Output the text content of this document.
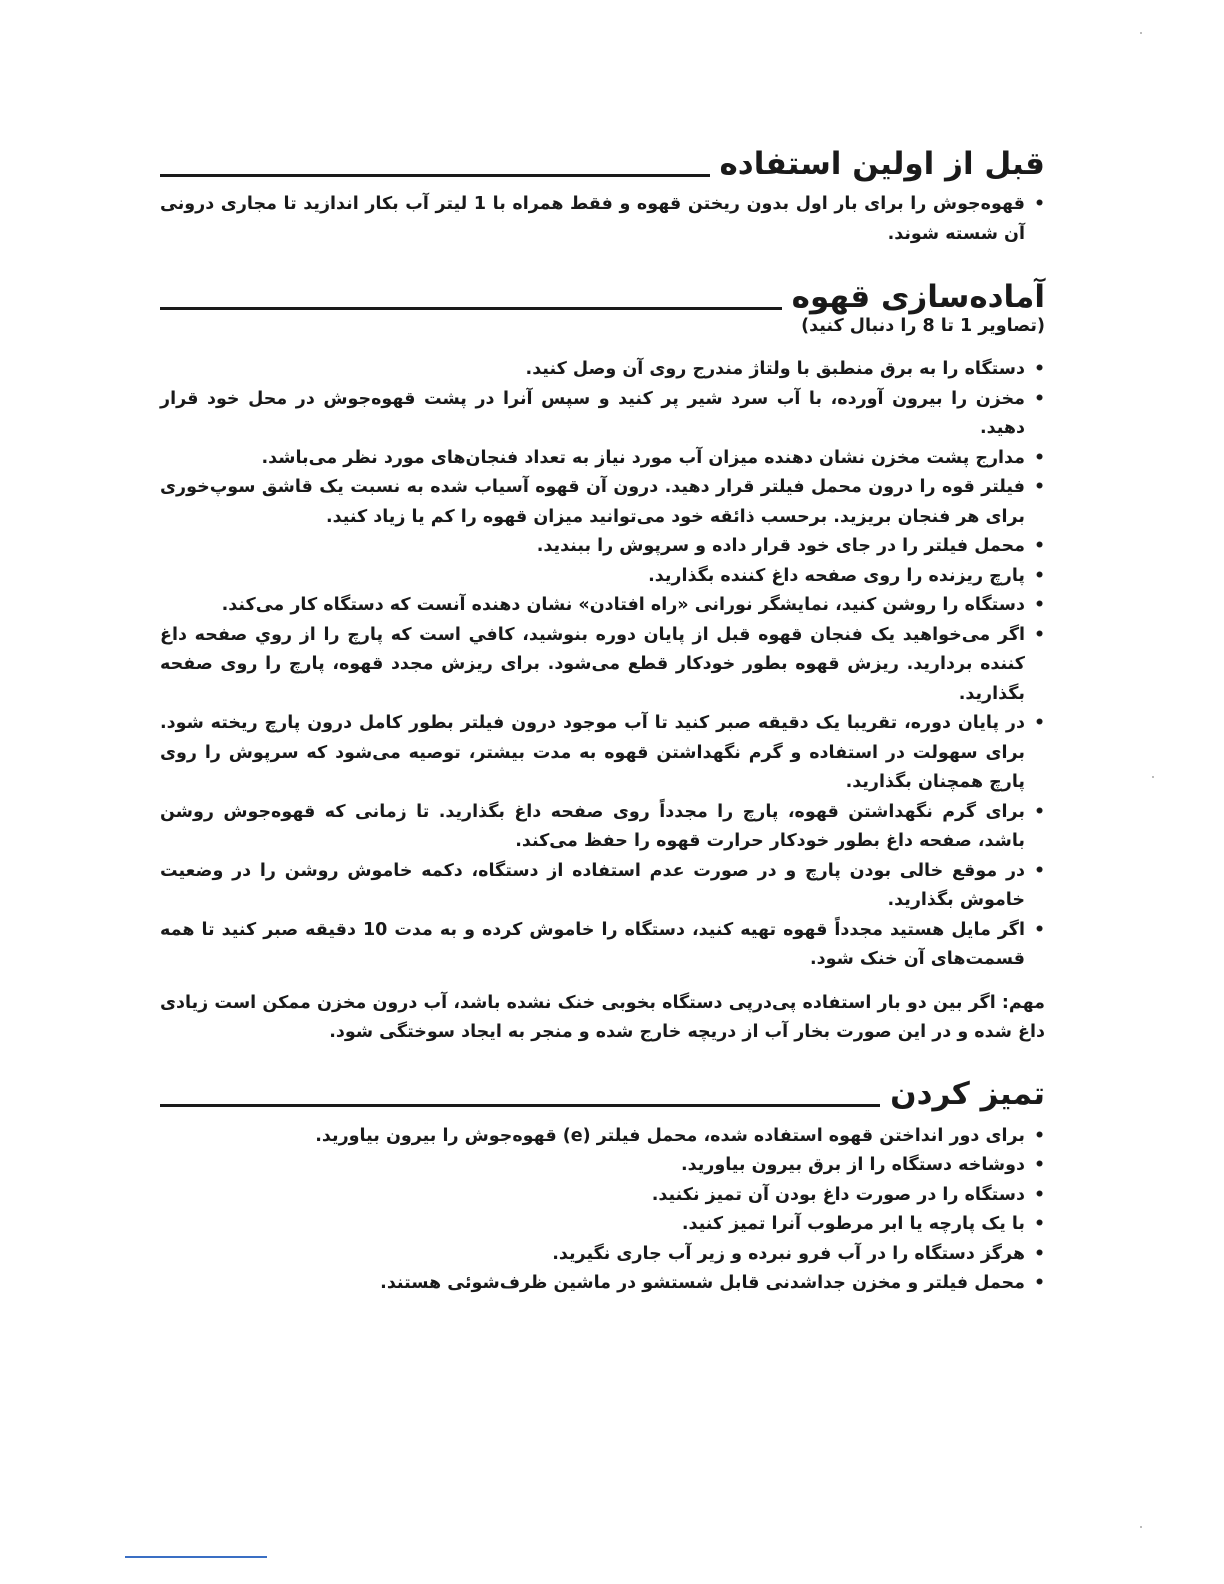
قبل از اولین استفاده
• قهوه‌جوش را برای بار اول بدون ریختن قهوه و فقط همراه با 1 لیتر آب بکار اندازید تا مجاری درونی آن شسته شوند.
آماده‌سازی قهوه
(تصاویر 1 تا 8 را دنبال کنید)
• دستگاه را به برق منطبق با ولتاژ مندرج روی آن وصل کنید.
• مخزن را بیرون آورده، با آب سرد شیر پر کنید و سپس آنرا در پشت قهوه‌جوش در محل خود قرار دهید.
• مدارج پشت مخزن نشان دهنده میزان آب مورد نیاز به تعداد فنجان‌های مورد نظر می‌باشد.
• فیلتر قوه را درون محمل فیلتر قرار دهید. درون آن قهوه آسیاب شده به نسبت یک قاشق سوپ‌خوری برای هر فنجان بریزید. برحسب ذائقه خود می‌توانید میزان قهوه را کم یا زیاد کنید.
• محمل فیلتر را در جای خود قرار داده و سرپوش را ببندید.
• پارچ ریزنده را روی صفحه داغ کننده بگذارید.
• دستگاه را روشن کنید، نمایشگر نورانی «راه افتادن» نشان دهنده آنست که دستگاه کار می‌کند.
• اگر می‌خواهید یک فنجان قهوه قبل از پایان دوره بنوشید، کافي است که پارچ را از روي صفحه داغ کننده بردارید. ریزش قهوه بطور خودکار قطع می‌شود. برای ریزش مجدد قهوه، پارچ را روی صفحه بگذارید.
• در پایان دوره، تقریبا یک دقیقه صبر کنید تا آب موجود درون فیلتر بطور کامل درون پارچ ریخته شود. برای سهولت در استفاده و گرم نگهداشتن قهوه به مدت بیشتر، توصیه می‌شود که سرپوش را روی پارچ همچنان بگذارید.
• برای گرم نگهداشتن قهوه، پارچ را مجدداً روی صفحه داغ بگذارید. تا زمانی که قهوه‌جوش روشن باشد، صفحه داغ بطور خودکار حرارت قهوه را حفظ می‌کند.
• در موقع خالی بودن پارچ و در صورت عدم استفاده از دستگاه، دکمه خاموش روشن را در وضعیت خاموش بگذارید.
• اگر مایل هستید مجدداً قهوه تهیه کنید، دستگاه را خاموش کرده و به مدت 10 دقیقه صبر کنید تا همه قسمت‌های آن خنک شود.

مهم: اگر بین دو بار استفاده پی‌درپی دستگاه بخوبی خنک نشده باشد، آب درون مخزن ممکن است زیادی داغ شده و در این صورت بخار آب از دریچه خارج شده و منجر به ایجاد سوختگی شود.

تمیز کردن
• برای دور انداختن قهوه استفاده شده، محمل فیلتر (e) قهوه‌جوش را بیرون بیاورید.
• دوشاخه دستگاه را از برق بیرون بیاورید.
• دستگاه را در صورت داغ بودن آن تمیز نکنید.
• با یک پارچه یا ابر مرطوب آنرا تمیز کنید.
• هرگز دستگاه را در آب فرو نبرده و زیر آب جاری نگیرید.
• محمل فیلتر و مخزن جداشدنی قابل شستشو در ماشین ظرف‌شوئی هستند.
